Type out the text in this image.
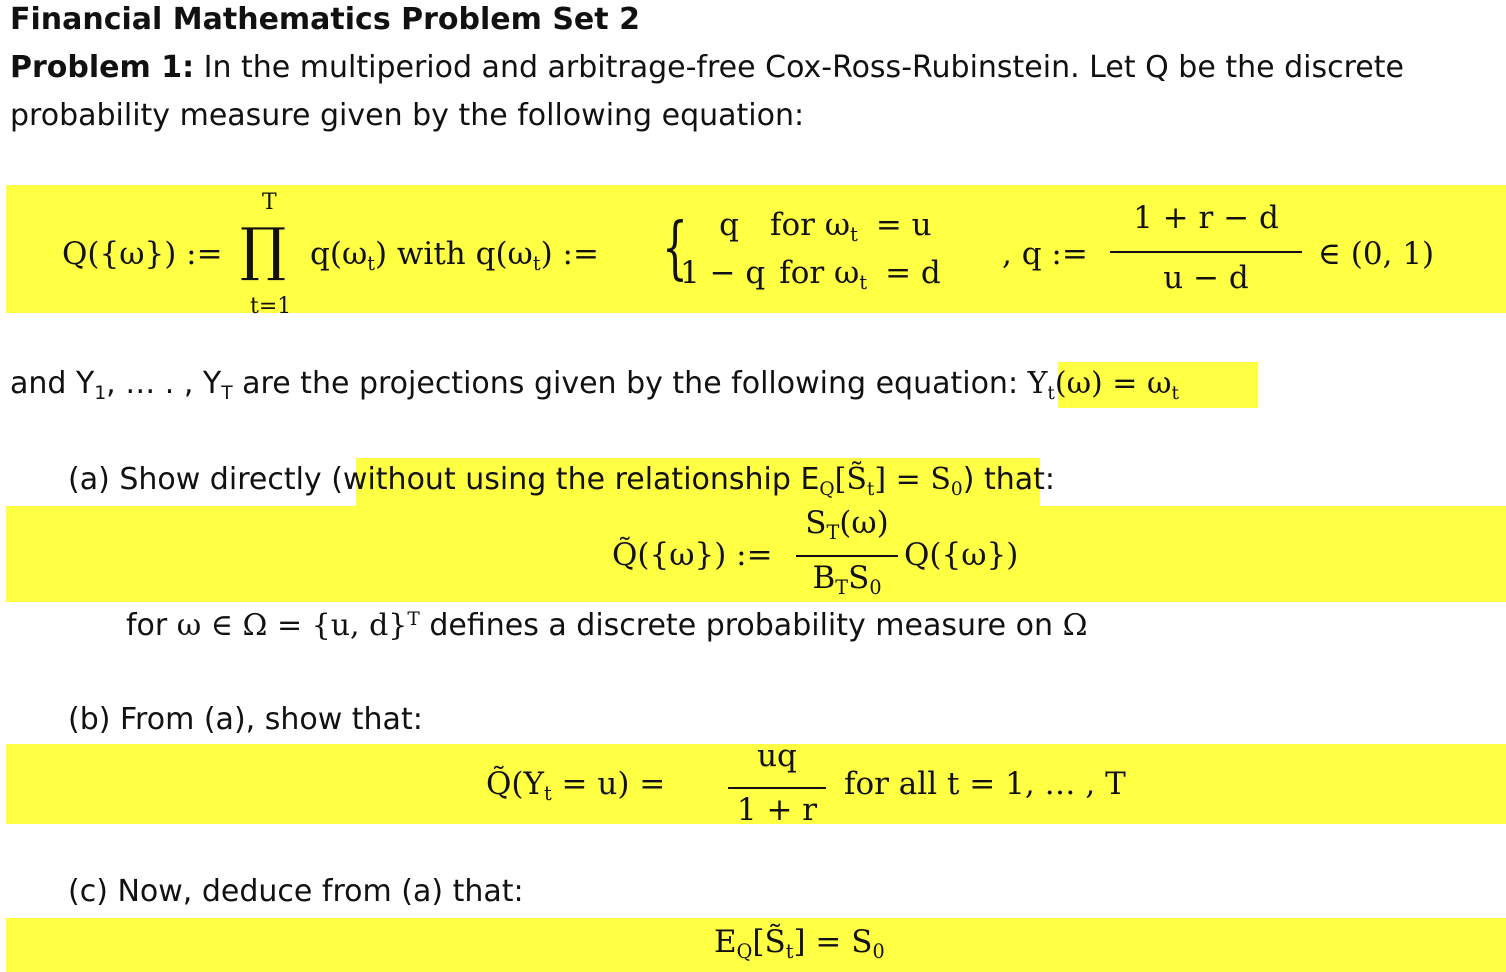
Financial Mathematics Problem Set 2
Problem 1: In the multiperiod and arbitrage-free Cox-Ross-Rubinstein. Let Q be the discrete
probability measure given by the following equation:
Q({ω}) :=
T
∏
t=1
$q(\omega_t)$ with $q(\omega_t)$ := {	q for $\omega_t = u$
1 − q for $\omega_t = d$
, q :=
1 + r − d
u − d
∈ (0, 1)
and $Y_1$, … . , $Y_T$ are the projections given by the following equation: $Y_t(\omega) = \omega_t$
(a) Show directly (without using the relationship $E_Q[S̃_t] = S_0$) that:
Q̃({ω}) :=
$S_T(\omega)$
$B_TS_0$
Q({ω})
for ω ∈ Ω = {u, d}$^T$ defines a discrete probability measure on Ω
(b) From (a), show that:
$Q̃(Y_t = u)$ =
uq
1 + r
for all t = 1, … , T
(c) Now, deduce from (a) that:
$E_Q[S̃_t] = S_0$
